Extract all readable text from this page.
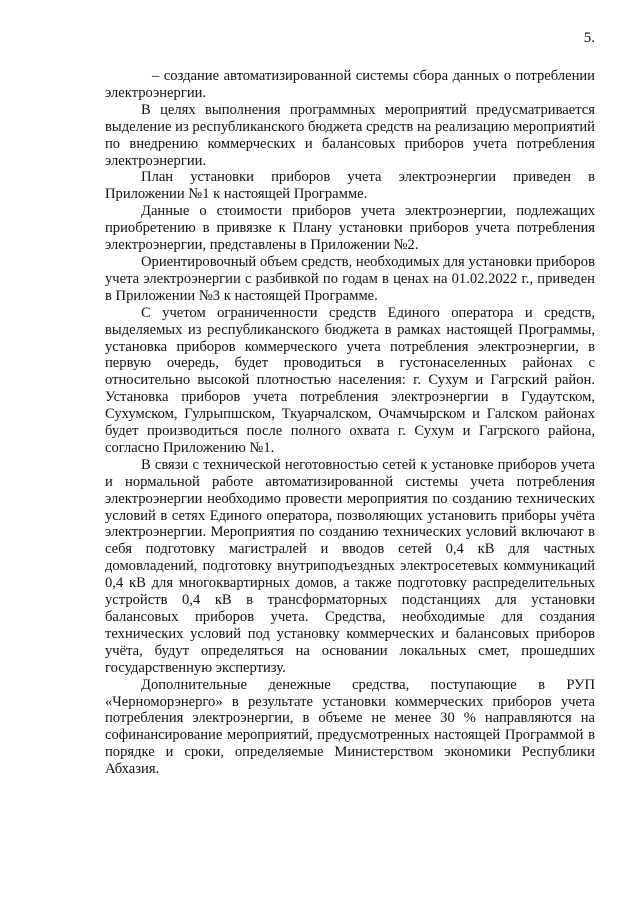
5.

– создание автоматизированной системы сбора данных о потреблении электроэнергии.

В целях выполнения программных мероприятий предусматривается выделение из республиканского бюджета средств на реализацию мероприятий по внедрению коммерческих и балансовых приборов учета потребления электроэнергии.

План установки приборов учета электроэнергии приведен в Приложении №1 к настоящей Программе.

Данные о стоимости приборов учета электроэнергии, подлежащих приобретению в привязке к Плану установки приборов учета потребления электроэнергии, представлены в Приложении №2.

Ориентировочный объем средств, необходимых для установки приборов учета электроэнергии с разбивкой по годам в ценах на 01.02.2022 г., приведен в Приложении №3 к настоящей Программе.

С учетом ограниченности средств Единого оператора и средств, выделяемых из республиканского бюджета в рамках настоящей Программы, установка приборов коммерческого учета потребления электроэнергии, в первую очередь, будет проводиться в густонаселенных районах с относительно высокой плотностью населения: г. Сухум и Гагрский район. Установка приборов учета потребления электроэнергии в Гудаутском, Сухумском, Гулрыпшском, Ткуарчалском, Очамчырском и Галском районах будет производиться после полного охвата г. Сухум и Гагрского района, согласно Приложению №1.

В связи с технической неготовностью сетей к установке приборов учета и нормальной работе автоматизированной системы учета потребления электроэнергии необходимо провести мероприятия по созданию технических условий в сетях Единого оператора, позволяющих установить приборы учёта электроэнергии. Мероприятия по созданию технических условий включают в себя подготовку магистралей и вводов сетей 0,4 кВ для частных домовладений, подготовку внутриподъездных электросетевых коммуникаций 0,4 кВ для многоквартирных домов, а также подготовку распределительных устройств 0,4 кВ в трансформаторных подстанциях для установки балансовых приборов учета. Средства, необходимые для создания технических условий под установку коммерческих и балансовых приборов учёта, будут определяться на основании локальных смет, прошедших государственную экспертизу.

Дополнительные денежные средства, поступающие в РУП «Черноморэнерго» в результате установки коммерческих приборов учета потребления электроэнергии, в объеме не менее 30 % направляются на софинансирование мероприятий, предусмотренных настоящей Программой в порядке и сроки, определяемые Министерством экономики Республики Абхазия.
